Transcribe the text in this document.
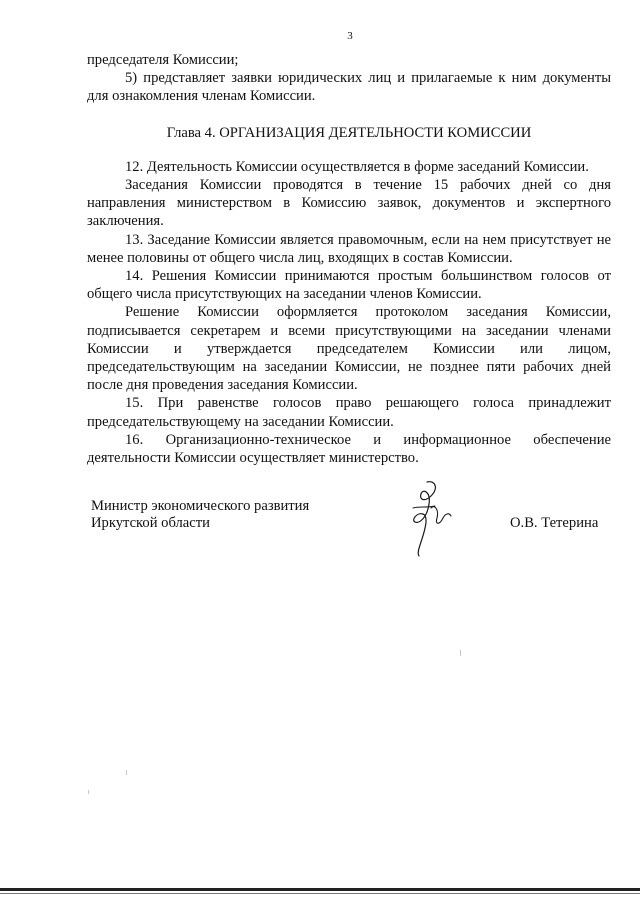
3

председателя Комиссии;

5) представляет заявки юридических лиц и прилагаемые к ним документы для ознакомления членам Комиссии.

Глава 4. ОРГАНИЗАЦИЯ ДЕЯТЕЛЬНОСТИ КОМИССИИ

12. Деятельность Комиссии осуществляется в форме заседаний Комиссии.

Заседания Комиссии проводятся в течение 15 рабочих дней со дня направления министерством в Комиссию заявок, документов и экспертного заключения.

13. Заседание Комиссии является правомочным, если на нем присутствует не менее половины от общего числа лиц, входящих в состав Комиссии.

14. Решения Комиссии принимаются простым большинством голосов от общего числа присутствующих на заседании членов Комиссии.

Решение Комиссии оформляется протоколом заседания Комиссии, подписывается секретарем и всеми присутствующими на заседании членами Комиссии и утверждается председателем Комиссии или лицом, председательствующим на заседании Комиссии, не позднее пяти рабочих дней после дня проведения заседания Комиссии.

15. При равенстве голосов право решающего голоса принадлежит председательствующему на заседании Комиссии.

16. Организационно-техническое и информационное обеспечение деятельности Комиссии осуществляет министерство.

Министр экономического развития
Иркутской области	О.В. Тетерина
